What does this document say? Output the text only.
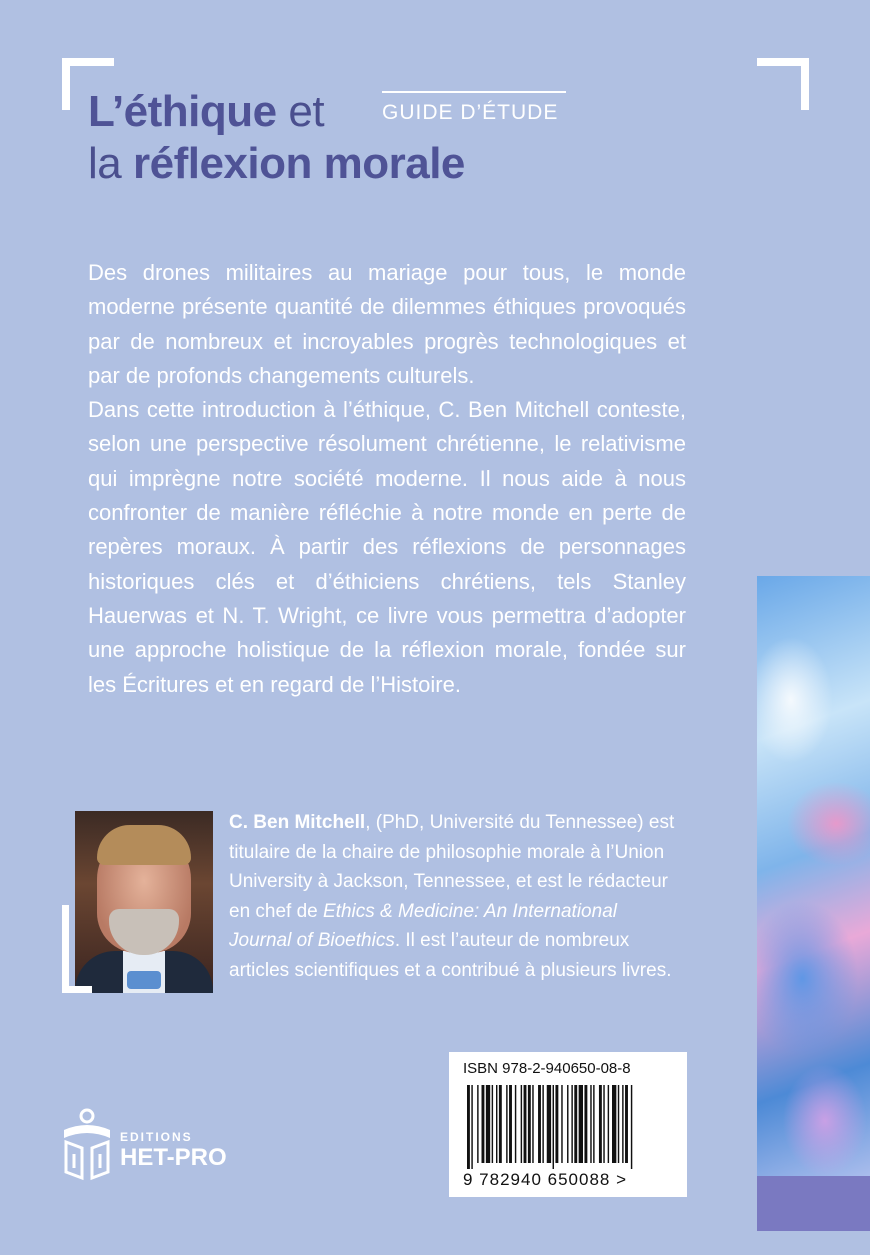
L’éthique et
la réflexion morale
GUIDE D’ÉTUDE

Des drones militaires au mariage pour tous, le monde moderne présente quantité de dilemmes éthiques provoqués par de nombreux et incroyables progrès technologiques et par de profonds changements culturels.

Dans cette introduction à l’éthique, C. Ben Mitchell conteste, selon une perspective résolument chrétienne, le relativisme qui imprègne notre société moderne. Il nous aide à nous confronter de manière réfléchie à notre monde en perte de repères moraux. À partir des réflexions de personnages historiques clés et d’éthiciens chrétiens, tels Stanley Hauerwas et N. T. Wright, ce livre vous permettra d’adopter une approche holistique de la réflexion morale, fondée sur les Écritures et en regard de l’Histoire.

C. Ben Mitchell, (PhD, Université du Tennessee) est titulaire de la chaire de philosophie morale à l’Union University à Jackson, Tennessee, et est le rédacteur en chef de Ethics & Medicine: An International Journal of Bioethics. Il est l’auteur de nombreux articles scientifiques et a contribué à plusieurs livres.
ISBN 978-2-940650-08-8
9 782940 650088 >
EDITIONS
HET-PRO
